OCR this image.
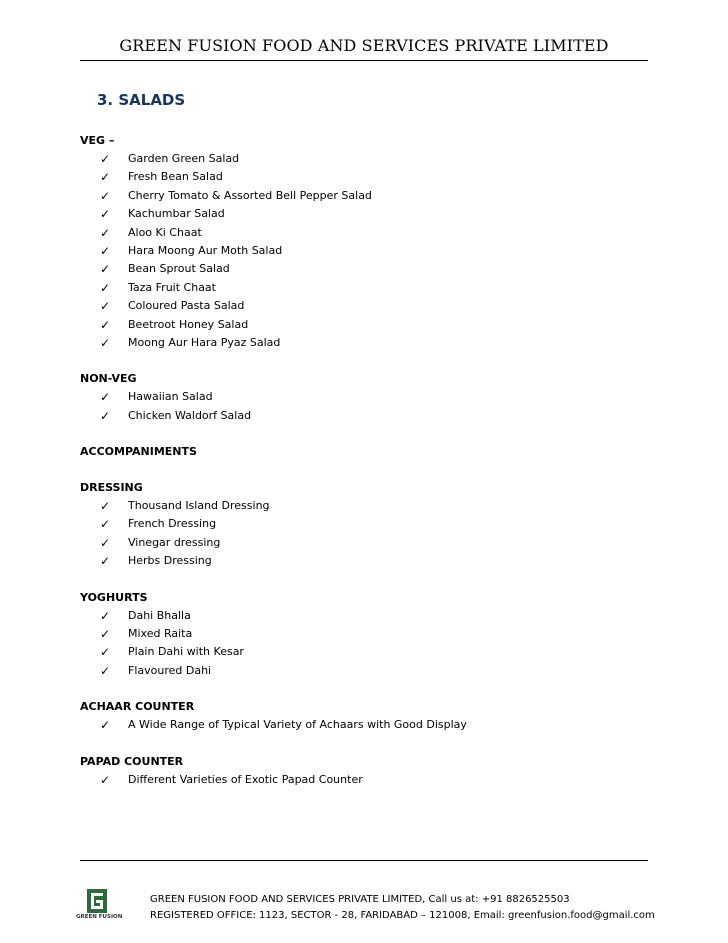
GREEN FUSION FOOD AND SERVICES PRIVATE LIMITED
3. SALADS
VEG –
✓ Garden Green Salad
✓ Fresh Bean Salad
✓ Cherry Tomato & Assorted Bell Pepper Salad
✓ Kachumbar Salad
✓ Aloo Ki Chaat
✓ Hara Moong Aur Moth Salad
✓ Bean Sprout Salad
✓ Taza Fruit Chaat
✓ Coloured Pasta Salad
✓ Beetroot Honey Salad
✓ Moong Aur Hara Pyaz Salad
NON-VEG
✓ Hawaiian Salad
✓ Chicken Waldorf Salad
ACCOMPANIMENTS
DRESSING
✓ Thousand Island Dressing
✓ French Dressing
✓ Vinegar dressing
✓ Herbs Dressing
YOGHURTS
✓ Dahi Bhalla
✓ Mixed Raita
✓ Plain Dahi with Kesar
✓ Flavoured Dahi
ACHAAR COUNTER
✓ A Wide Range of Typical Variety of Achaars with Good Display
PAPAD COUNTER
✓ Different Varieties of Exotic Papad Counter
GREEN FUSION
GREEN FUSION FOOD AND SERVICES PRIVATE LIMITED, Call us at: +91 8826525503
REGISTERED OFFICE: 1123, SECTOR - 28, FARIDABAD – 121008, Email: greenfusion.food@gmail.com
